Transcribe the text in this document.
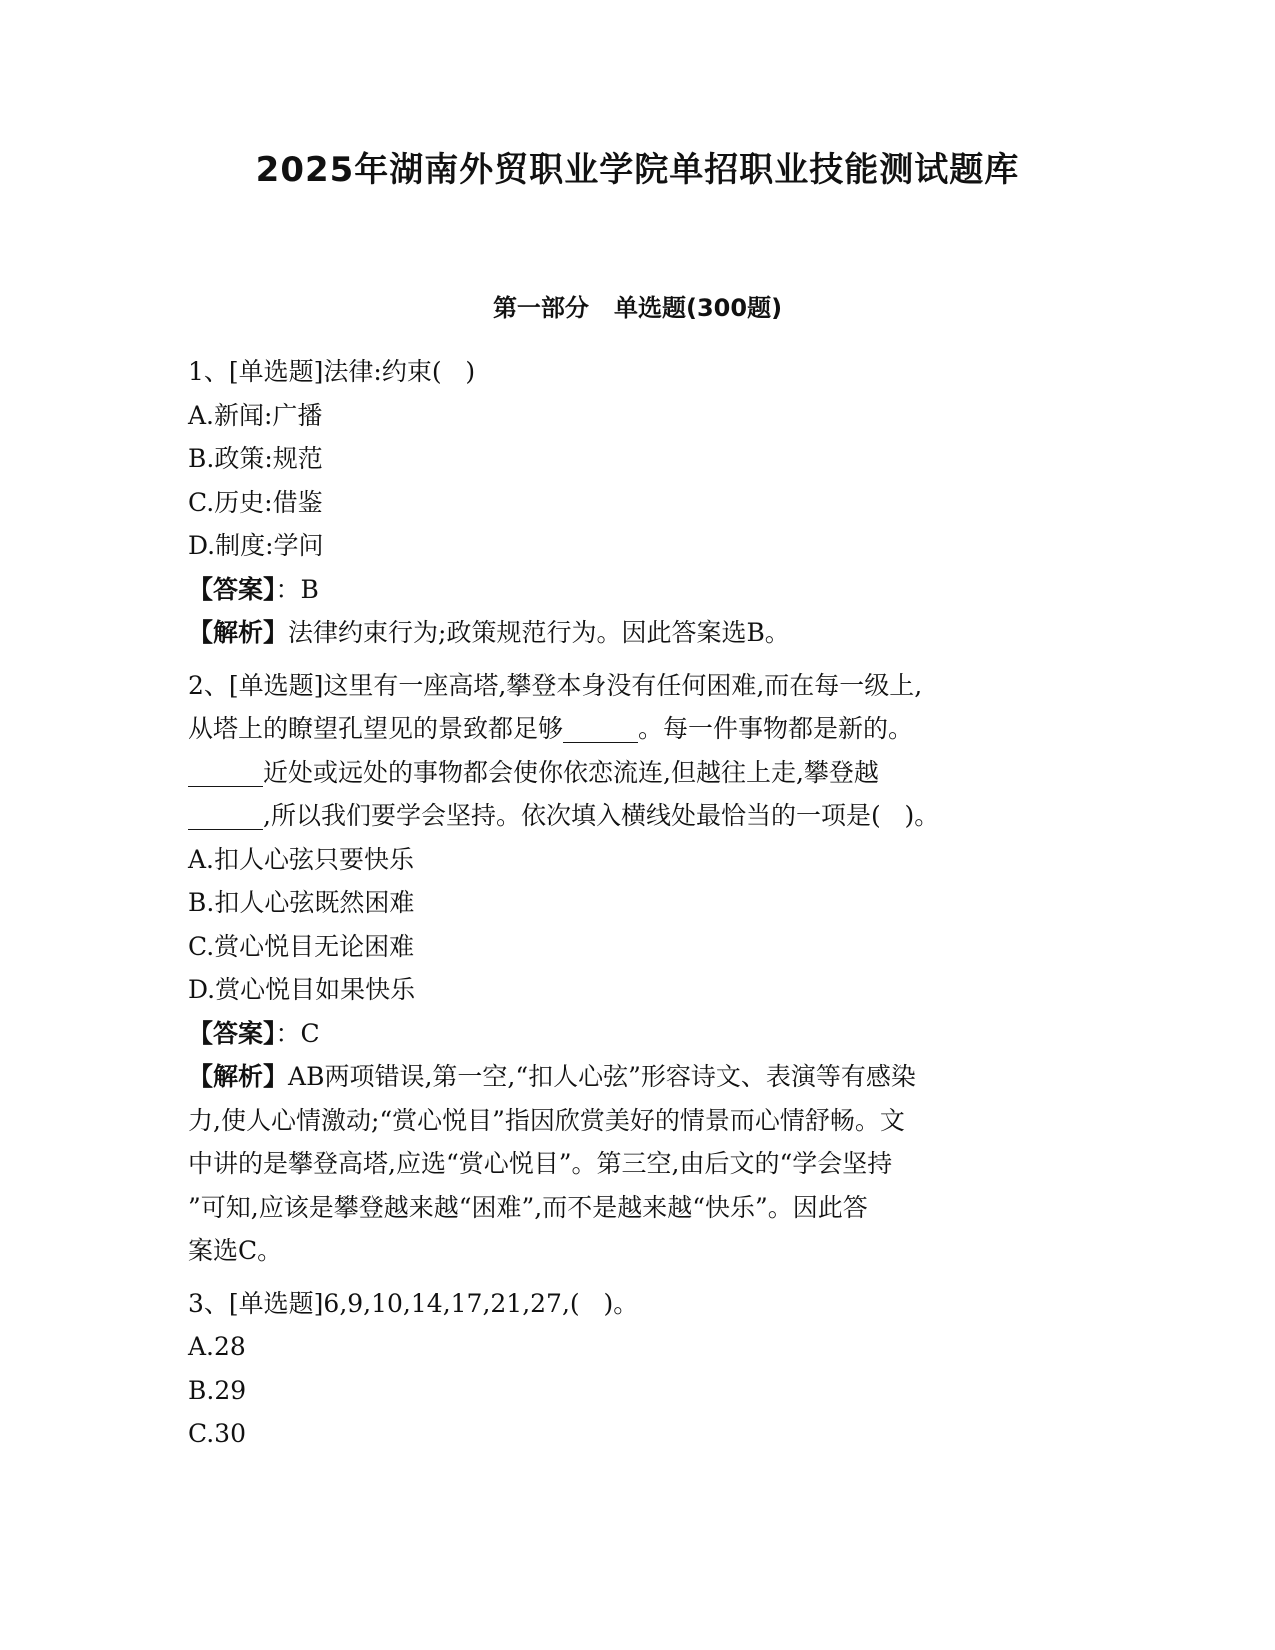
2025年湖南外贸职业学院单招职业技能测试题库
第一部分   单选题(300题)
1、[单选题]法律:约束(   )
A.新闻:广播
B.政策:规范
C.历史:借鉴
D.制度:学问
【答案】：B
【解析】法律约束行为;政策规范行为。因此答案选B。
2、[单选题]这里有一座高塔,攀登本身没有任何困难,而在每一级上,
从塔上的瞭望孔望见的景致都足够______。每一件事物都是新的。
______近处或远处的事物都会使你依恋流连,但越往上走,攀登越
______,所以我们要学会坚持。依次填入横线处最恰当的一项是(   )。
A.扣人心弦只要快乐
B.扣人心弦既然困难
C.赏心悦目无论困难
D.赏心悦目如果快乐
【答案】：C
【解析】AB两项错误,第一空,“扣人心弦”形容诗文、表演等有感染
力,使人心情激动;“赏心悦目”指因欣赏美好的情景而心情舒畅。文
中讲的是攀登高塔,应选“赏心悦目”。第三空,由后文的“学会坚持
”可知,应该是攀登越来越“困难”,而不是越来越“快乐”。因此答
案选C。
3、[单选题]6,9,10,14,17,21,27,(   )。
A.28
B.29
C.30
